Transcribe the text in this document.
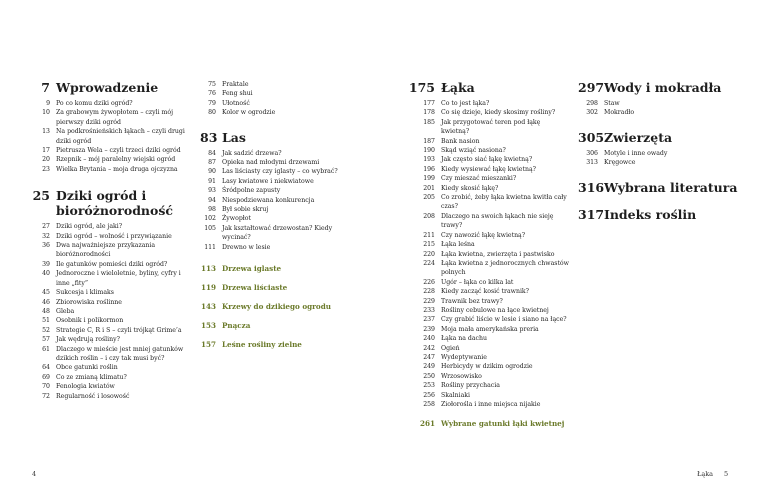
7 Wprowadzenie
9 Po co komu dziki ogród?
10 Za grabowym żywopłotem – czyli mój pierwszy dziki ogród
13 Na podkrośnieńskich łąkach – czyli drugi dziki ogród
17 Pietruszа Wela – czyli trzeci dziki ogród
20 Rzepnik – mój paralelny wiejski ogród
23 Wielka Brytania – moja druga ojczyzna
25 Dziki ogród i bioróżnorodność
27 Dziki ogród, ale jaki?
32 Dziki ogród – wolność i przywiązanie
36 Dwa najważniejsze przykazania bioróżnorodności
39 Ile gatunków pomieści dziki ogród?
40 Jednoroczne i wieloletnie, byliny, cyfry i inne „fity”
45 Sukcesja i klimaks
46 Zbiorowiska roślinne
48 Gleba
51 Osobnik i polikormon
52 Strategie C, R i S – czyli trójkąt Grime’a
57 Jak wędrują rośliny?
61 Dlaczego w mieście jest mniej gatunków dzikich roślin – i czy tak musi być?
64 Obce gatunki roślin
69 Co ze zmianą klimatu?
70 Fenologia kwiatów
72 Regularność i losowość
75 Fraktale
76 Feng shui
79 Ułotność
80 Kolor w ogrodzie
83 Las
84 Jak sadzić drzewa?
87 Opieka nad młodymi drzewami
90 Las liściasty czy iglasty – co wybrać?
91 Lasy kwiatowe i niekwiatowe
93 Śródpolne zapusty
94 Niespodziewana konkurencja
98 Był sobie skruj
102 Żywopłot
105 Jak kształtować drzewostan? Kiedy wycinać?
111 Drewno w lesie
113 Drzewa iglaste
119 Drzewa liściaste
143 Krzewy do dzikiego ogrodu
153 Pnącza
157 Leśne rośliny zielne
175 Łąka
177 Co to jest łąka?
178 Co się dzieje, kiedy skosimy rośliny?
185 Jak przygotować teren pod łąkę kwietną?
187 Bank nasion
190 Skąd wziąć nasiona?
193 Jak często siać łąkę kwietną?
196 Kiedy wysiewać łąkę kwietną?
199 Czy mieszać mieszanki?
201 Kiedy skosić łąkę?
205 Co zrobić, żeby łąka kwietna kwitła cały czas?
208 Dlaczego na swoich łąkach nie sieję trawy?
211 Czy nawozić łąkę kwietną?
215 Łąka leśna
220 Łąka kwietna, zwierzęta i pastwisko
224 Łąka kwietna z jednorocznych chwastów polnych
226 Ugór – łąka co kilka lat
228 Kiedy zacząć kosić trawnik?
229 Trawnik bez trawy?
233 Rośliny cebulowe na łące kwietnej
237 Czy grabić liście w lesie i siano na łące?
239 Moja mała amerykańska preria
240 Łąka na dachu
242 Ogień
247 Wydeptywanie
249 Herbicydy w dzikim ogrodzie
250 Wrzosowisko
253 Rośliny przychacia
256 Skalniaki
258 Ziołorośla i inne miejsca nijakie
261 Wybrane gatunki łąki kwietnej
297 Wody i mokradła
298 Staw
302 Mokradło
305 Zwierzęta
306 Motyle i inne owady
313 Kręgowce
316 Wybrana literatura
317 Indeks roślin
4	Łąka 5
